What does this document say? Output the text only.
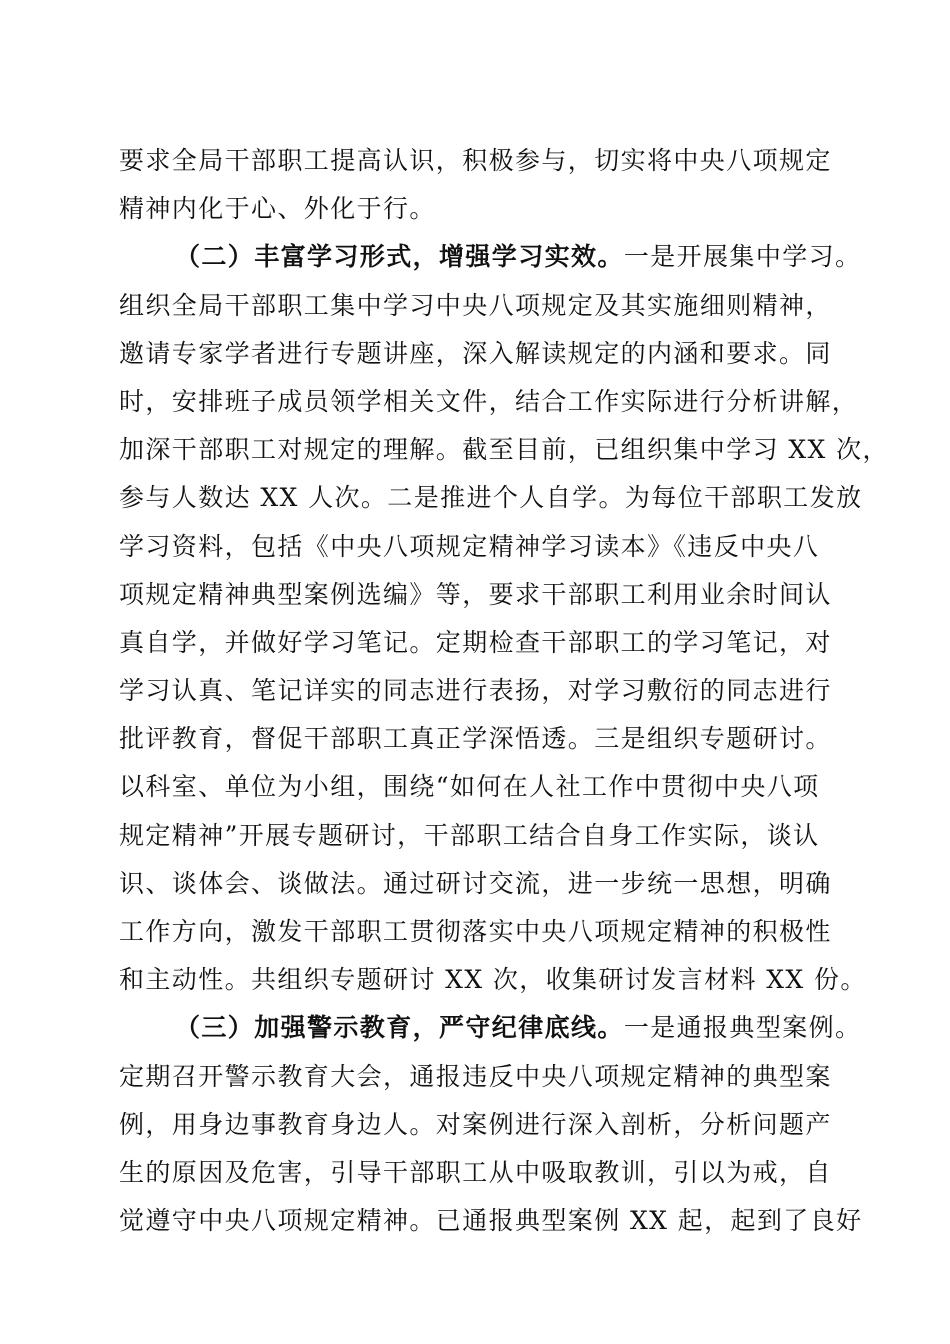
要求全局干部职工提高认识，积极参与，切实将中央八项规定
精神内化于心、外化于行。
（二）丰富学习形式，增强学习实效。一是开展集中学习。
组织全局干部职工集中学习中央八项规定及其实施细则精神，
邀请专家学者进行专题讲座，深入解读规定的内涵和要求。同
时，安排班子成员领学相关文件，结合工作实际进行分析讲解，
加深干部职工对规定的理解。截至目前，已组织集中学习 XX 次，
参与人数达 XX 人次。二是推进个人自学。为每位干部职工发放
学习资料，包括《中央八项规定精神学习读本》《违反中央八
项规定精神典型案例选编》等，要求干部职工利用业余时间认
真自学，并做好学习笔记。定期检查干部职工的学习笔记，对
学习认真、笔记详实的同志进行表扬，对学习敷衍的同志进行
批评教育，督促干部职工真正学深悟透。三是组织专题研讨。
以科室、单位为小组，围绕“如何在人社工作中贯彻中央八项
规定精神”开展专题研讨，干部职工结合自身工作实际，谈认
识、谈体会、谈做法。通过研讨交流，进一步统一思想，明确
工作方向，激发干部职工贯彻落实中央八项规定精神的积极性
和主动性。共组织专题研讨 XX 次，收集研讨发言材料 XX 份。
（三）加强警示教育，严守纪律底线。一是通报典型案例。
定期召开警示教育大会，通报违反中央八项规定精神的典型案
例，用身边事教育身边人。对案例进行深入剖析，分析问题产
生的原因及危害，引导干部职工从中吸取教训，引以为戒，自
觉遵守中央八项规定精神。已通报典型案例 XX 起，起到了良好
